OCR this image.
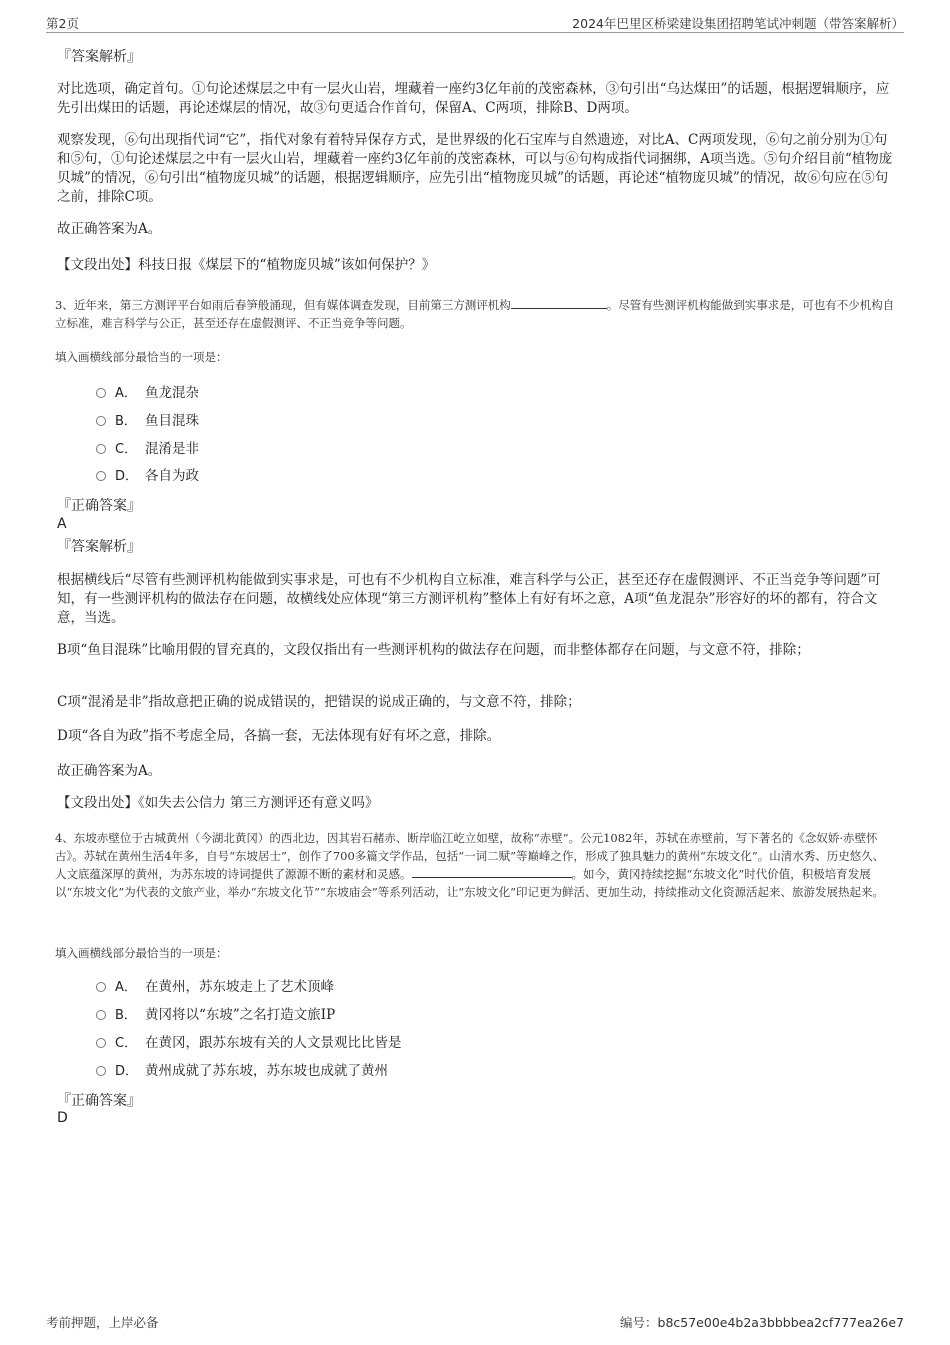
第2页	2024年巴里区桥梁建设集团招聘笔试冲刺题（带答案解析）
『答案解析』

对比选项，确定首句。①句论述煤层之中有一层火山岩，埋藏着一座约3亿年前的茂密森林，③句引出“乌达煤田”的话题，根据逻辑顺序，应先引出煤田的话题，再论述煤层的情况，故③句更适合作首句，保留A、C两项，排除B、D两项。

观察发现，⑥句出现指代词“它”，指代对象有着特异保存方式，是世界级的化石宝库与自然遗迹，对比A、C两项发现，⑥句之前分别为①句和⑤句，①句论述煤层之中有一层火山岩，埋藏着一座约3亿年前的茂密森林，可以与⑥句构成指代词捆绑，A项当选。⑤句介绍目前“植物庞贝城”的情况，⑥句引出“植物庞贝城”的话题，根据逻辑顺序，应先引出“植物庞贝城”的话题，再论述“植物庞贝城”的情况，故⑥句应在⑤句之前，排除C项。

故正确答案为A。

【文段出处】科技日报《煤层下的“植物庞贝城”该如何保护？》

3、近年来，第三方测评平台如雨后春笋般涌现，但有媒体调查发现，目前第三方测评机构	。尽管有些测评机构能做到实事求是，可也有不少机构自立标准，难言科学与公正，甚至还存在虚假测评、不正当竞争等问题。

填入画横线部分最恰当的一项是：

A． 鱼龙混杂
B． 鱼目混珠
C． 混淆是非
D． 各自为政
『正确答案』
A
『答案解析』

根据横线后“尽管有些测评机构能做到实事求是，可也有不少机构自立标准，难言科学与公正，甚至还存在虚假测评、不正当竞争等问题”可知，有一些测评机构的做法存在问题，故横线处应体现“第三方测评机构”整体上有好有坏之意，A项“鱼龙混杂”形容好的坏的都有，符合文意，当选。

B项“鱼目混珠”比喻用假的冒充真的，文段仅指出有一些测评机构的做法存在问题，而非整体都存在问题，与文意不符，排除；

C项“混淆是非”指故意把正确的说成错误的，把错误的说成正确的，与文意不符，排除；

D项“各自为政”指不考虑全局，各搞一套，无法体现有好有坏之意，排除。

故正确答案为A。

【文段出处】《如失去公信力 第三方测评还有意义吗》

4、东坡赤壁位于古城黄州（今湖北黄冈）的西北边，因其岩石赭赤、断岸临江屹立如壁，故称“赤壁”。公元1082年，苏轼在赤壁前，写下著名的《念奴娇·赤壁怀古》。苏轼在黄州生活4年多，自号“东坡居士”，创作了700多篇文学作品，包括“一词二赋”等巅峰之作，形成了独具魅力的黄州“东坡文化”。山清水秀、历史悠久、人文底蕴深厚的黄州，为苏东坡的诗词提供了源源不断的素材和灵感。	。如今，黄冈持续挖掘“东坡文化”时代价值，积极培育发展以“东坡文化”为代表的文旅产业，举办“东坡文化节”“东坡庙会”等系列活动，让“东坡文化”印记更为鲜活、更加生动，持续推动文化资源活起来、旅游发展热起来。

填入画横线部分最恰当的一项是：

A． 在黄州，苏东坡走上了艺术顶峰
B． 黄冈将以“东坡”之名打造文旅IP
C． 在黄冈，跟苏东坡有关的人文景观比比皆是
D． 黄州成就了苏东坡，苏东坡也成就了黄州
『正确答案』
D
考前押题，上岸必备	编号：b8c57e00e4b2a3bbbbea2cf777ea26e7
